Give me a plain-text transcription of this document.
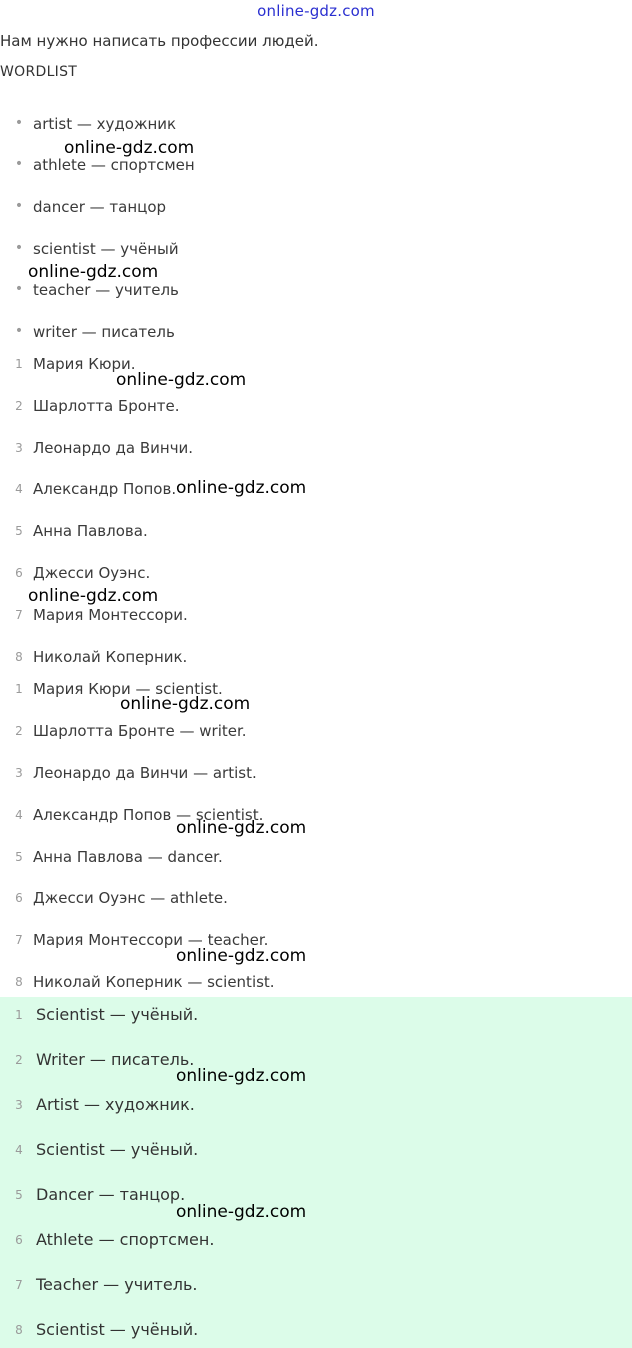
online-gdz.com
Нам нужно написать профессии людей.
WORDLIST
• artist — художник
• athlete — спортсмен
• dancer — танцор
• scientist — учёный
• teacher — учитель
• writer — писатель
1 Мария Кюри.
2 Шарлотта Бронте.
3 Леонардо да Винчи.
4 Александр Попов.
5 Анна Павлова.
6 Джесси Оуэнс.
7 Мария Монтессори.
8 Николай Коперник.
1 Мария Кюри — scientist.
2 Шарлотта Бронте — writer.
3 Леонардо да Винчи — artist.
4 Александр Попов — scientist.
5 Анна Павлова — dancer.
6 Джесси Оуэнс — athlete.
7 Мария Монтессори — teacher.
8 Николай Коперник — scientist.
1 Scientist — учёный.
2 Writer — писатель.
3 Artist — художник.
4 Scientist — учёный.
5 Dancer — танцор.
6 Athlete — спортсмен.
7 Teacher — учитель.
8 Scientist — учёный.
online-gdz.com
online-gdz.com
online-gdz.com
online-gdz.com
online-gdz.com
online-gdz.com
online-gdz.com
online-gdz.com
online-gdz.com
online-gdz.com
